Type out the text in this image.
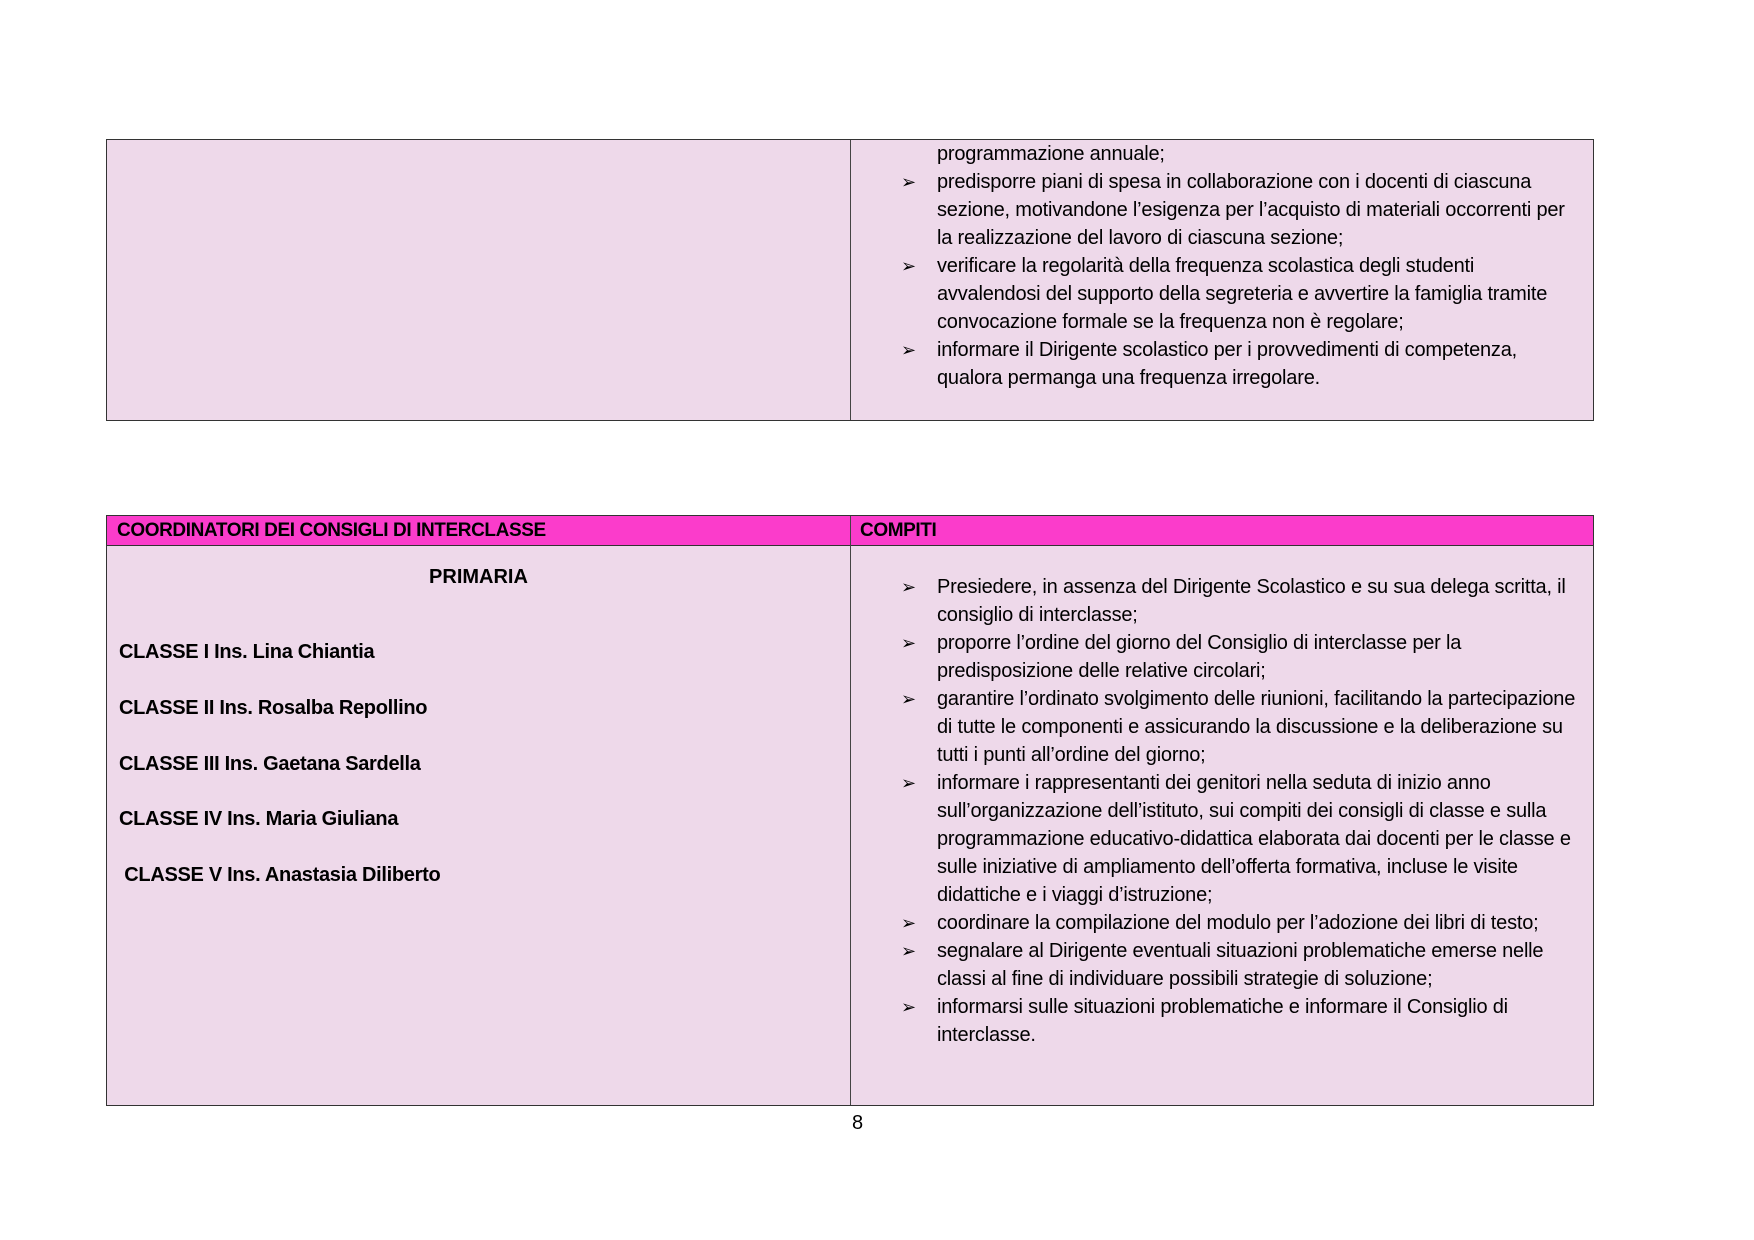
programmazione annuale;
➢ predisporre piani di spesa in collaborazione con i docenti di ciascuna sezione, motivandone l’esigenza per l’acquisto di materiali occorrenti per la realizzazione del lavoro di ciascuna sezione;
➢ verificare la regolarità della frequenza scolastica degli studenti avvalendosi del supporto della segreteria e avvertire la famiglia tramite convocazione formale se la frequenza non è regolare;
➢ informare il Dirigente scolastico per i provvedimenti di competenza, qualora permanga una frequenza irregolare.
COORDINATORI DEI CONSIGLI DI INTERCLASSE	COMPITI
PRIMARIA
CLASSE I Ins. Lina Chiantia
CLASSE II Ins. Rosalba Repollino
CLASSE III Ins. Gaetana Sardella
CLASSE IV Ins. Maria Giuliana
CLASSE V Ins. Anastasia Diliberto
➢ Presiedere, in assenza del Dirigente Scolastico e su sua delega scritta, il consiglio di interclasse;
➢ proporre l’ordine del giorno del Consiglio di interclasse per la predisposizione delle relative circolari;
➢ garantire l’ordinato svolgimento delle riunioni, facilitando la partecipazione di tutte le componenti e assicurando la discussione e la deliberazione su tutti i punti all’ordine del giorno;
➢ informare i rappresentanti dei genitori nella seduta di inizio anno sull’organizzazione dell’istituto, sui compiti dei consigli di classe e sulla programmazione educativo-didattica elaborata dai docenti per le classe e sulle iniziative di ampliamento dell’offerta formativa, incluse le visite didattiche e i viaggi d’istruzione;
➢ coordinare la compilazione del modulo per l’adozione dei libri di testo;
➢ segnalare al Dirigente eventuali situazioni problematiche emerse nelle classi al fine di individuare possibili strategie di soluzione;
➢ informarsi sulle situazioni problematiche e informare il Consiglio di interclasse.
8
